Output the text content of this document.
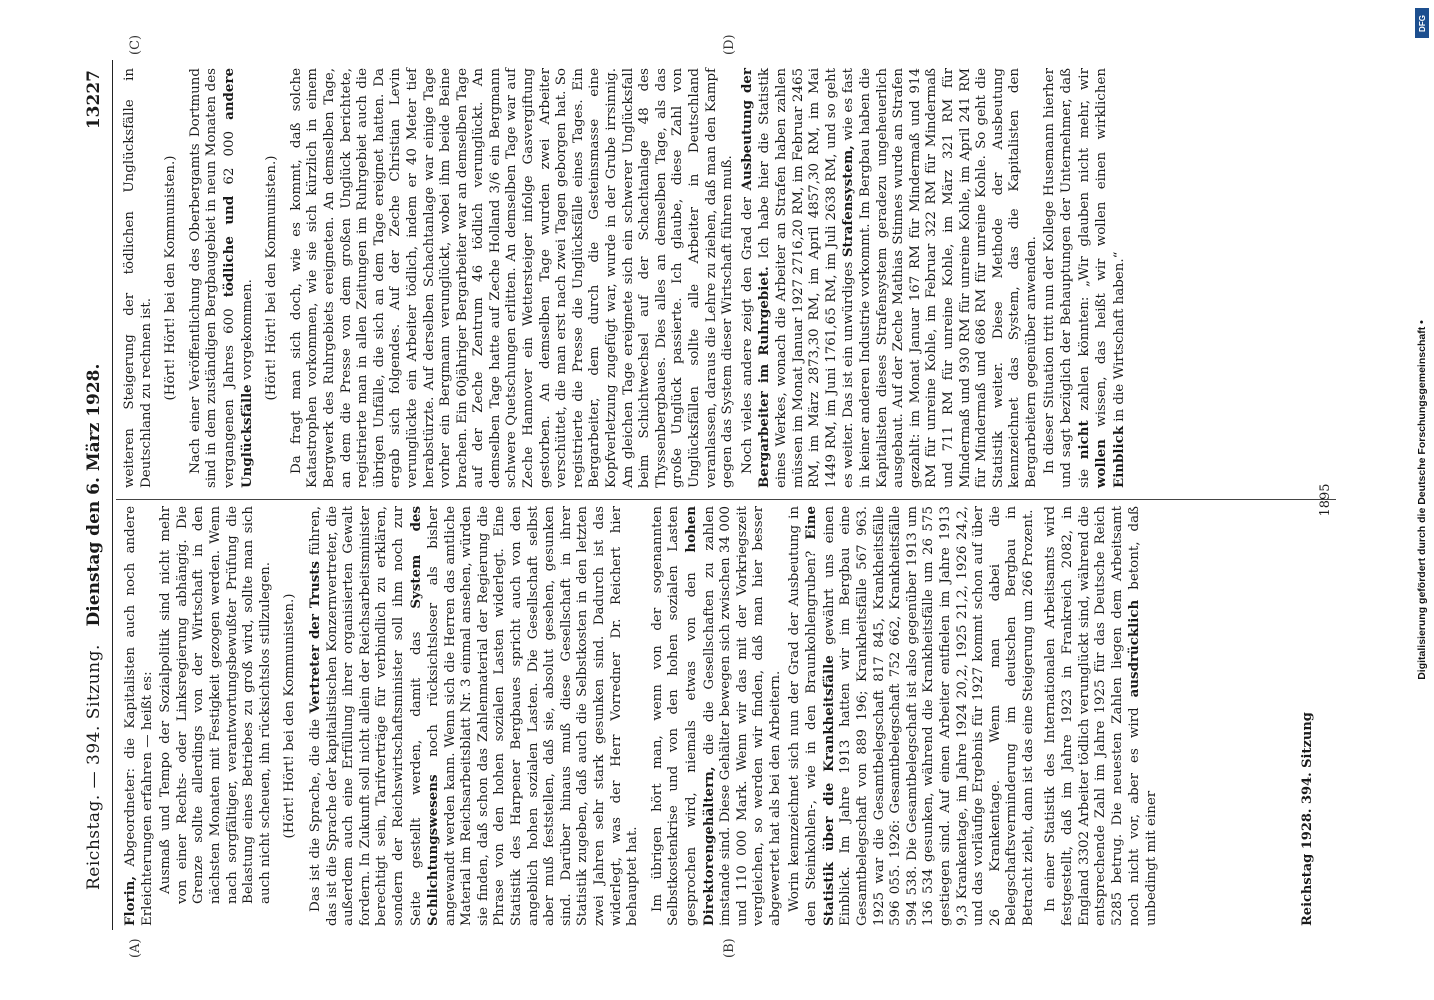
Reichstag. — 394. Sitzung.
Dienstag den 6. März 1928.
13227
(A)	(B)
(C)	(D)

Florin, Abgeordneter: die Kapitalisten auch noch andere Erleichterungen erfahren — heißt es: Ausmaß und Tempo der Sozialpolitik sind nicht mehr von einer Rechts- oder Linksregierung abhängig. Die Grenze sollte allerdings von der Wirtschaft in den nächsten Monaten mit Festigkeit gezogen werden. Wenn nach sorgfältiger, verantwortungsbewußter Prüfung die Belastung eines Betriebes zu groß wird, sollte man sich auch nicht scheuen, ihn rücksichtslos stillzulegen. (Hört! Hört! bei den Kommunisten.) Das ist die Sprache, die die Vertreter der Trusts führen, das ist die Sprache der kapitalistischen Konzernvertreter, die außerdem auch eine Erfüllung ihrer organisierten Gewalt fordern. In Zukunft soll nicht allein der Reichsarbeitsminister berechtigt sein, Tarifverträge für verbindlich zu erklären, sondern der Reichswirtschaftsminister soll ihm noch zur Seite gestellt werden, damit das System des Schlichtungswesens noch rücksichtsloser als bisher angewandt werden kann. Wenn sich die Herren das amtliche Material im Reichsarbeitsblatt Nr. 3 einmal ansehen, würden sie finden, daß schon das Zahlenmaterial der Regierung die Phrase von den hohen sozialen Lasten widerlegt. Eine Statistik des Harpener Bergbaues spricht auch von den angeblich hohen sozialen Lasten. Die Gesellschaft selbst aber muß feststellen, daß sie, absolut gesehen, gesunken sind. Darüber hinaus muß diese Gesellschaft in ihrer Statistik zugeben, daß auch die Selbstkosten in den letzten zwei Jahren sehr stark gesunken sind. Dadurch ist das widerlegt, was der Herr Vorredner Dr. Reichert hier behauptet hat. Im übrigen hört man, wenn von der sogenannten Selbstkostenkrise und von den hohen sozialen Lasten gesprochen wird, niemals etwas von den hohen Direktorengehältern, die die Gesellschaften zu zahlen imstande sind. Diese Gehälter bewegen sich zwischen 34 000 und 110 000 Mark. Wenn wir das mit der Vorkriegszeit vergleichen, so werden wir finden, daß man hier besser abgewertet hat als bei den Arbeitern. Worin kennzeichnet sich nun der Grad der Ausbeutung in den Steinkohlen-, wie in den Braunkohlengruben? Eine Statistik über die Krankheitsfälle gewährt uns einen Einblick. Im Jahre 1913 hatten wir im Bergbau eine Gesamtbelegschaft von 889 196; Krankheitsfälle 567 963. 1925 war die Gesamtbelegschaft 817 845, Krankheitsfälle 596 055. 1926: Gesamtbelegschaft 752 662, Krankheitsfälle 594 538. Die Gesamtbelegschaft ist also gegenüber 1913 um 136 534 gesunken, während die Krankheitsfälle um 26 575 gestiegen sind. Auf einen Arbeiter entfielen im Jahre 1913 9,3 Krankentage, im Jahre 1924 20,2, 1925 21,2, 1926 24,2, und das vorläufige Ergebnis für 1927 kommt schon auf über 26 Krankentage. Wenn man dabei die Belegschaftsverminderung im deutschen Bergbau in Betracht zieht, dann ist das eine Steigerung um 266 Prozent. In einer Statistik des Internationalen Arbeitsamts wird festgestellt, daß im Jahre 1923 in Frankreich 2082, in England 3302 Arbeiter tödlich verunglückt sind, während die entsprechende Zahl im Jahre 1925 für das Deutsche Reich 5285 betrug. Die neuesten Zahlen liegen dem Arbeitsamt noch nicht vor, aber es wird ausdrücklich betont, daß unbedingt mit einer

weiteren Steigerung der tödlichen Unglücksfälle in Deutschland zu rechnen ist. (Hört! Hört! bei den Kommunisten.) Nach einer Veröffentlichung des Oberbergamts Dortmund sind in dem zuständigen Bergbaugebiet in neun Monaten des vergangenen Jahres 600 tödliche und 62 000 andere Unglücksfälle vorgekommen. (Hört! Hört! bei den Kommunisten.) Da fragt man sich doch, wie es kommt, daß solche Katastrophen vorkommen, wie sie sich kürzlich in einem Bergwerk des Ruhrgebiets ereigneten. An demselben Tage, an dem die Presse von dem großen Unglück berichtete, registrierte man in allen Zeitungen im Ruhrgebiet auch die übrigen Unfälle, die sich an dem Tage ereignet hatten. Da ergab sich folgendes. Auf der Zeche Christian Levin verunglückte ein Arbeiter tödlich, indem er 40 Meter tief herabstürzte. Auf derselben Schachtanlage war einige Tage vorher ein Bergmann verunglückt, wobei ihm beide Beine brachen. Ein 60jähriger Bergarbeiter war an demselben Tage auf der Zeche Zentrum 46 tödlich verunglückt. An demselben Tage hatte auf Zeche Holland 3/6 ein Bergmann schwere Quetschungen erlitten. An demselben Tage war auf Zeche Hannover ein Wettersteiger infolge Gasvergiftung gestorben. An demselben Tage wurden zwei Arbeiter verschüttet, die man erst nach zwei Tagen geborgen hat. So registrierte die Presse die Unglücksfälle eines Tages. Ein Bergarbeiter, dem durch die Gesteinsmasse eine Kopfverletzung zugefügt war, wurde in der Grube irrsinnig. Am gleichen Tage ereignete sich ein schwerer Unglücksfall beim Schichtwechsel auf der Schachtanlage 48 des Thyssenbergbaues. Dies alles an demselben Tage, als das große Unglück passierte. Ich glaube, diese Zahl von Unglücksfällen sollte alle Arbeiter in Deutschland veranlassen, daraus die Lehre zu ziehen, daß man den Kampf gegen das System dieser Wirtschaft führen muß. Noch vieles andere zeigt den Grad der Ausbeutung der Bergarbeiter im Ruhrgebiet. Ich habe hier die Statistik eines Werkes, wonach die Arbeiter an Strafen haben zahlen müssen im Monat Januar 1927 2716,20 RM, im Februar 2465 RM, im März 2873,30 RM, im April 4857,30 RM, im Mai 1449 RM, im Juni 1761,65 RM, im Juli 2638 RM, und so geht es weiter. Das ist ein unwürdiges Strafensystem, wie es fast in keiner anderen Industrie vorkommt. Im Bergbau haben die Kapitalisten dieses Strafensystem geradezu ungeheuerlich ausgebaut. Auf der Zeche Mathias Stinnes wurde an Strafen gezahlt: im Monat Januar 167 RM für Mindermaß und 914 RM für unreine Kohle, im Februar 322 RM für Mindermaß und 711 RM für unreine Kohle, im März 321 RM für Mindermaß und 930 RM für unreine Kohle, im April 241 RM für Mindermaß und 686 RM für unreine Kohle. So geht die Statistik weiter. Diese Methode der Ausbeutung kennzeichnet das System, das die Kapitalisten den Bergarbeitern gegenüber anwenden. In dieser Situation tritt nun der Kollege Husemann hierher und sagt bezüglich der Behauptungen der Unternehmer, daß sie nicht zahlen könnten: „Wir glauben nicht mehr, wir wollen wissen, das heißt wir wollen einen wirklichen Einblick in die Wirtschaft haben.“

Reichstag 1928. 394. Sitzung
1895
DFG
Digitalisierung gefördert durch die Deutsche Forschungsgemeinschaft •
